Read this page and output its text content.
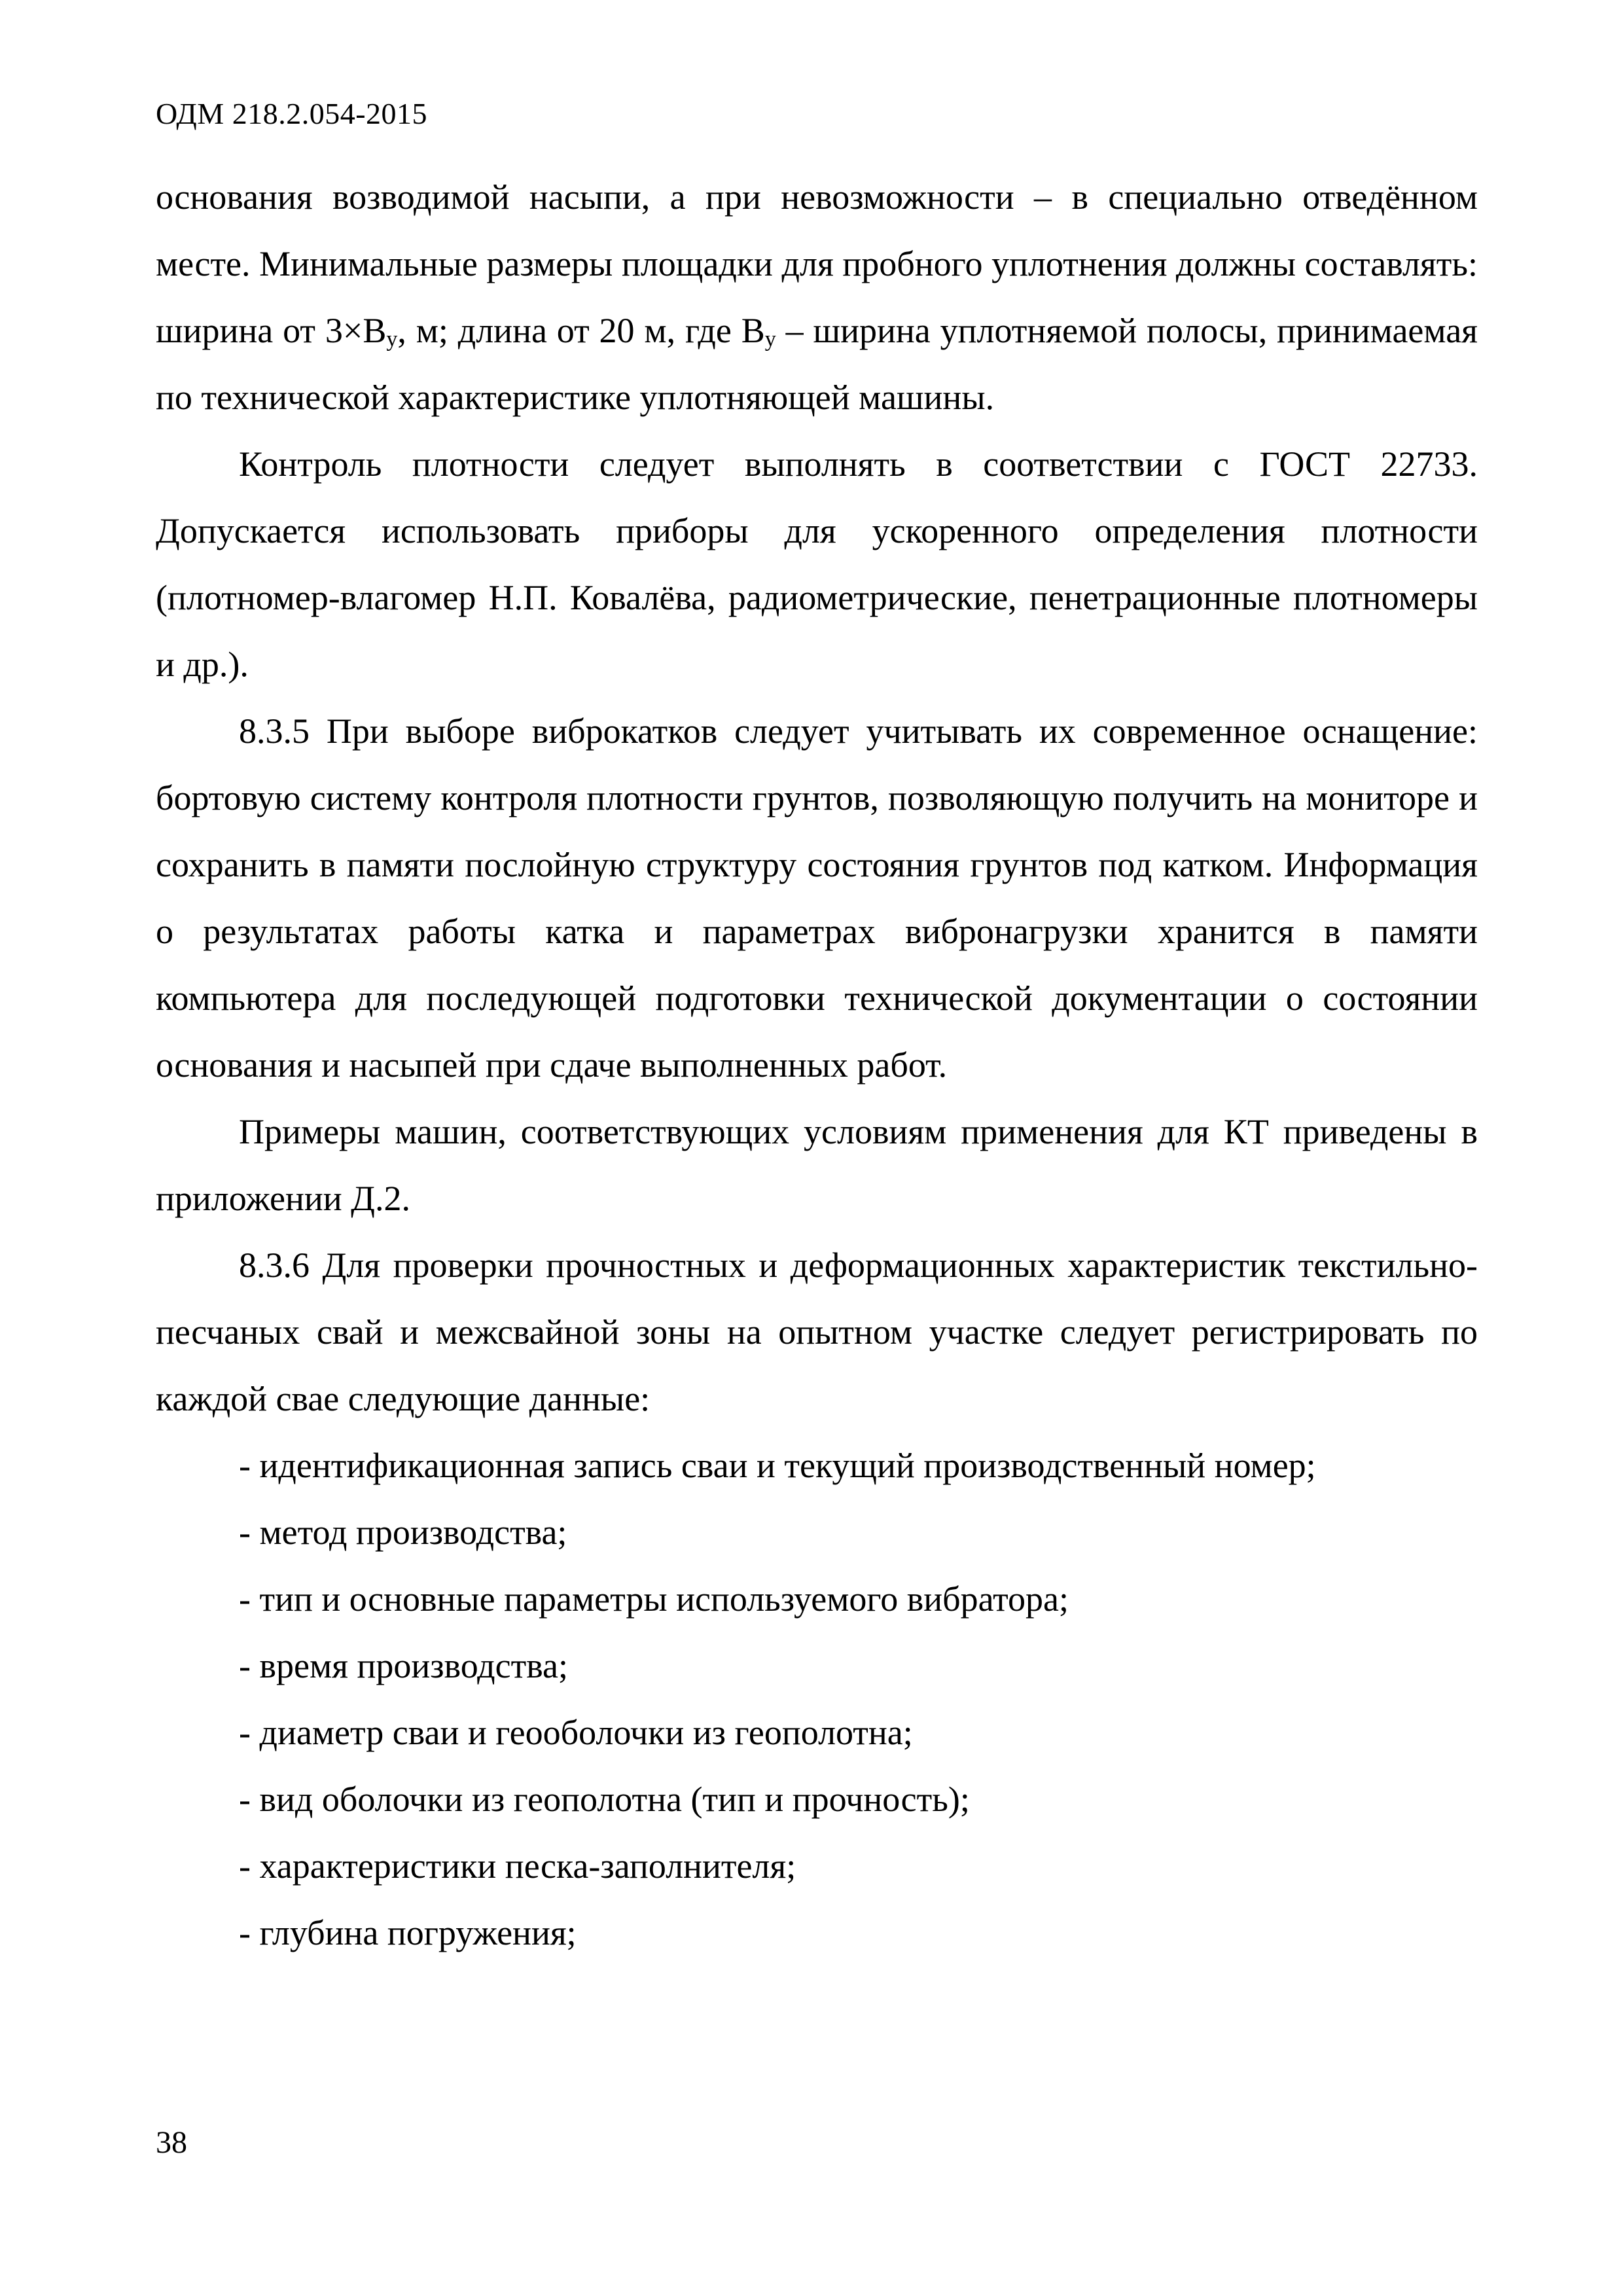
ОДМ 218.2.054-2015

основания возводимой насыпи, а при невозможности – в специально отведённом месте. Минимальные размеры площадки для пробного уплотнения должны составлять: ширина от $3\times В_у$, м; длина от 20 м, где $В_у$ – ширина уплотняемой полосы, принимаемая по технической характеристике уплотняющей машины.

Контроль плотности следует выполнять в соответствии с ГОСТ 22733. Допускается использовать приборы для ускоренного определения плотности (плотномер-влагомер Н.П. Ковалёва, радиометрические, пенетрационные плотномеры и др.).

8.3.5 При выборе виброкатков следует учитывать их современное оснащение: бортовую систему контроля плотности грунтов, позволяющую получить на мониторе и сохранить в памяти послойную структуру состояния грунтов под катком. Информация о результатах работы катка и параметрах вибронагрузки хранится в памяти компьютера для последующей подготовки технической документации о состоянии основания и насыпей при сдаче выполненных работ.

Примеры машин, соответствующих условиям применения для КТ приведены в приложении Д.2.

8.3.6 Для проверки прочностных и деформационных характеристик текстильно-песчаных свай и межсвайной зоны на опытном участке следует регистрировать по каждой свае следующие данные:

- идентификационная запись сваи и текущий производственный номер;
- метод производства;
- тип и основные параметры используемого вибратора;
- время производства;
- диаметр сваи и геооболочки из геополотна;
- вид оболочки из геополотна (тип и прочность);
- характеристики песка-заполнителя;
- глубина погружения;
38
